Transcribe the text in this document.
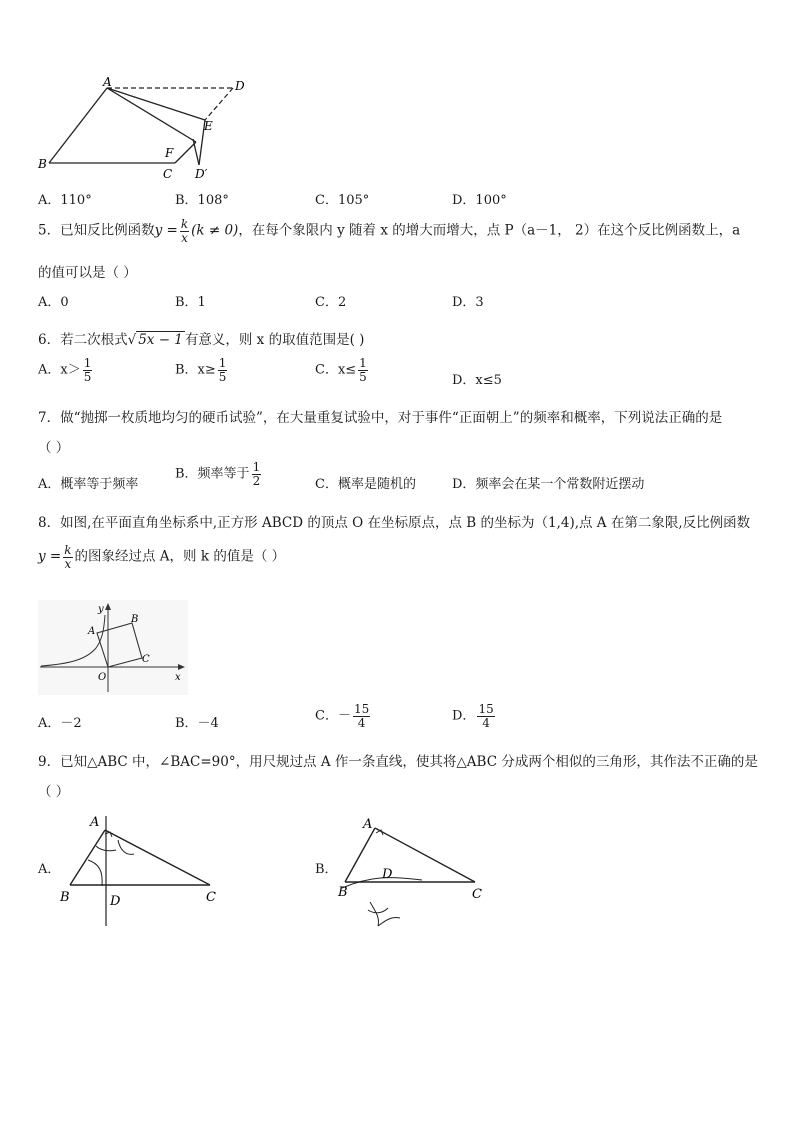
A	D
E
F
B
C D′
A．110°	B．108°	C．105°	D．100°
5．已知反比例函数$y = \frac{k}{x} (k \ne 0)$，在每个象限内 y 随着 x 的增大而增大，点 P（a－1， 2）在这个反比例函数上，a
的值可以是（ ）
A．0	B．1	C．2	D．3
6．若二次根式√ 5x − 1 有意义，则 x 的取值范围是( )
A．$x> \frac{1}{5}$	B．$x\ge \frac{1}{5}$	C．$x\le \frac{1}{5}$	D．x≤5
7．做“抛掷一枚质地均匀的硬币试验”，在大量重复试验中，对于事件“正面朝上”的频率和概率，下列说法正确的是
（ ）
A．概率等于频率
B．频率等于 $\frac{1}{2}$	C．概率是随机的	D．频率会在某一个常数附近摆动
8．如图,在平面直角坐标系中,正方形 ABCD 的顶点 O 在坐标原点，点 B 的坐标为（1,4),点 A 在第二象限,反比例函数
$y = \frac{k}{x}$ 的图象经过点 A，则 k 的值是（ ）
y
A
B
C
O	x
A．－2	B．－4	C．－ $\frac{15}{4}$	D． $\frac{15}{4}$
9．已知△ABC 中，∠BAC=90°，用尺规过点 A 作一条直线，使其将△ABC 分成两个相似的三角形，其作法不正确的是
（ ）
A．
A
B	D	C
B．
A
B
D
C
